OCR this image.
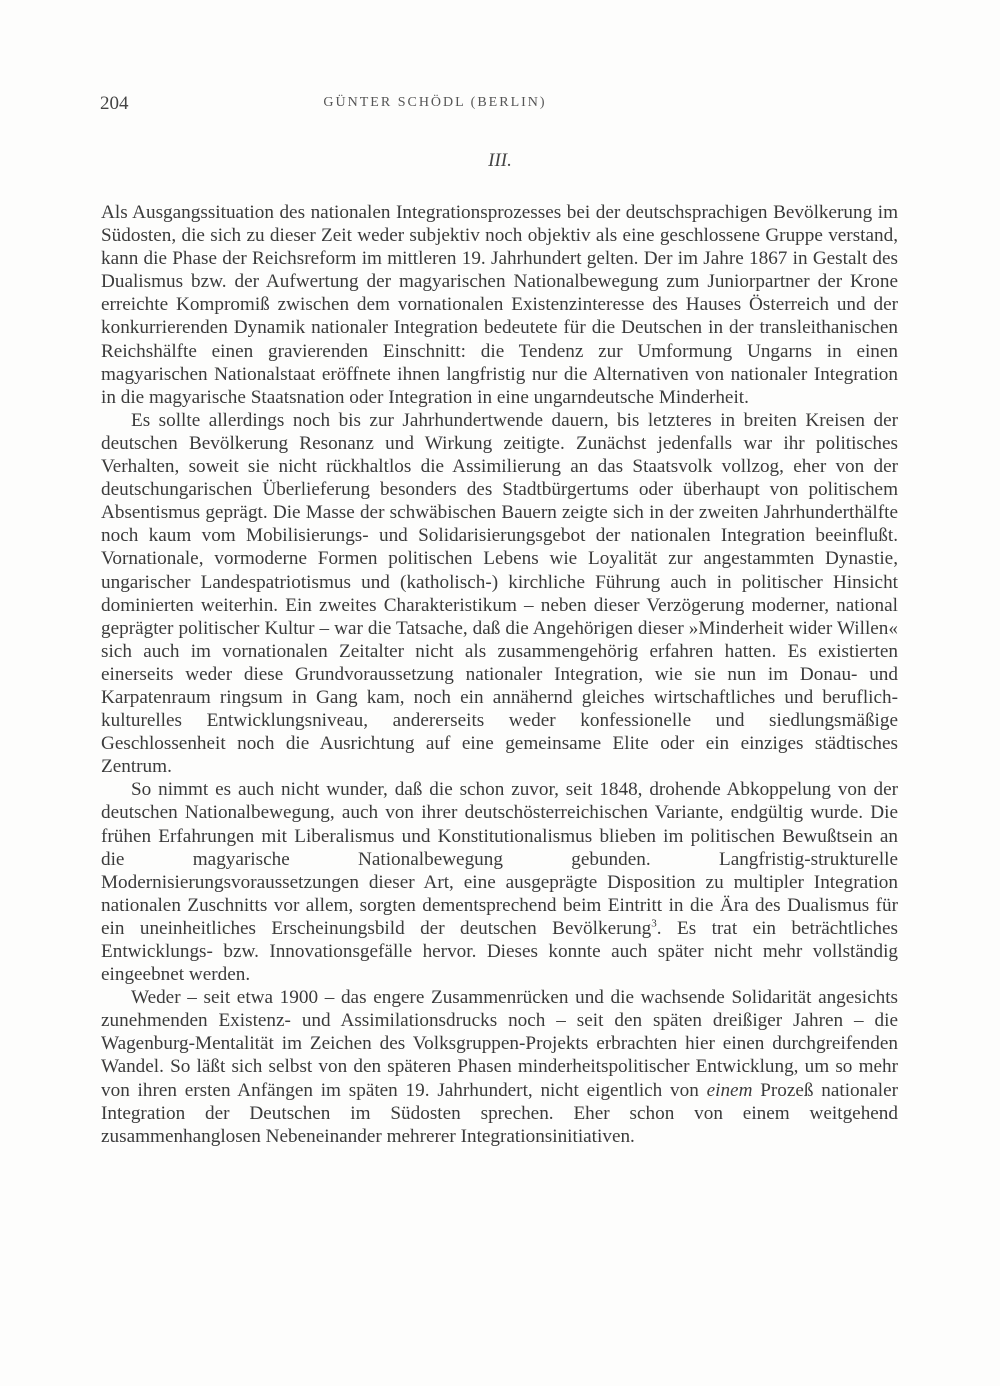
204	GÜNTER SCHÖDL (BERLIN)
III.

Als Ausgangssituation des nationalen Integrationsprozesses bei der deutschsprachigen Bevölkerung im Südosten, die sich zu dieser Zeit weder subjektiv noch objektiv als eine geschlossene Gruppe verstand, kann die Phase der Reichsreform im mittleren 19. Jahrhundert gelten. Der im Jahre 1867 in Gestalt des Dualismus bzw. der Aufwertung der magyarischen Nationalbewegung zum Juniorpartner der Krone erreichte Kompromiß zwischen dem vornationalen Existenzinteresse des Hauses Österreich und der konkurrierenden Dynamik nationaler Integration bedeutete für die Deutschen in der transleithanischen Reichshälfte einen gravierenden Einschnitt: die Tendenz zur Umformung Ungarns in einen magyarischen Nationalstaat eröffnete ihnen langfristig nur die Alternativen von nationaler Integration in die magyarische Staatsnation oder Integration in eine ungarndeutsche Minderheit.

Es sollte allerdings noch bis zur Jahrhundertwende dauern, bis letzteres in breiten Kreisen der deutschen Bevölkerung Resonanz und Wirkung zeitigte. Zunächst jedenfalls war ihr politisches Verhalten, soweit sie nicht rückhaltlos die Assimilierung an das Staatsvolk vollzog, eher von der deutschungarischen Überlieferung besonders des Stadtbürgertums oder überhaupt von politischem Absentismus geprägt. Die Masse der schwäbischen Bauern zeigte sich in der zweiten Jahrhunderthälfte noch kaum vom Mobilisierungs- und Solidarisierungsgebot der nationalen Integration beeinflußt. Vornationale, vormoderne Formen politischen Lebens wie Loyalität zur angestammten Dynastie, ungarischer Landespatriotismus und (katholisch-) kirchliche Führung auch in politischer Hinsicht dominierten weiterhin. Ein zweites Charakteristikum – neben dieser Verzögerung moderner, national geprägter politischer Kultur – war die Tatsache, daß die Angehörigen dieser »Minderheit wider Willen« sich auch im vornationalen Zeitalter nicht als zusammengehörig erfahren hatten. Es existierten einerseits weder diese Grundvoraussetzung nationaler Integration, wie sie nun im Donau- und Karpatenraum ringsum in Gang kam, noch ein annähernd gleiches wirtschaftliches und beruflich-kulturelles Entwicklungsniveau, andererseits weder konfessionelle und siedlungsmäßige Geschlossenheit noch die Ausrichtung auf eine gemeinsame Elite oder ein einziges städtisches Zentrum.

So nimmt es auch nicht wunder, daß die schon zuvor, seit 1848, drohende Abkoppelung von der deutschen Nationalbewegung, auch von ihrer deutschösterreichischen Variante, endgültig wurde. Die frühen Erfahrungen mit Liberalismus und Konstitutionalismus blieben im politischen Bewußtsein an die magyarische Nationalbewegung gebunden. Langfristig-strukturelle Modernisierungsvoraussetzungen dieser Art, eine ausgeprägte Disposition zu multipler Integration nationalen Zuschnitts vor allem, sorgten dementsprechend beim Eintritt in die Ära des Dualismus für ein uneinheitliches Erscheinungsbild der deutschen Bevölkerung$^3$. Es trat ein beträchtliches Entwicklungs- bzw. Innovationsgefälle hervor. Dieses konnte auch später nicht mehr vollständig eingeebnet werden.

Weder – seit etwa 1900 – das engere Zusammenrücken und die wachsende Solidarität angesichts zunehmenden Existenz- und Assimilationsdrucks noch – seit den späten dreißiger Jahren – die Wagenburg-Mentalität im Zeichen des Volksgruppen-Projekts erbrachten hier einen durchgreifenden Wandel. So läßt sich selbst von den späteren Phasen minderheitspolitischer Entwicklung, um so mehr von ihren ersten Anfängen im späten 19. Jahrhundert, nicht eigentlich von einem Prozeß nationaler Integration der Deutschen im Südosten sprechen. Eher schon von einem weitgehend zusammenhanglosen Nebeneinander mehrerer Integrationsinitiativen.
